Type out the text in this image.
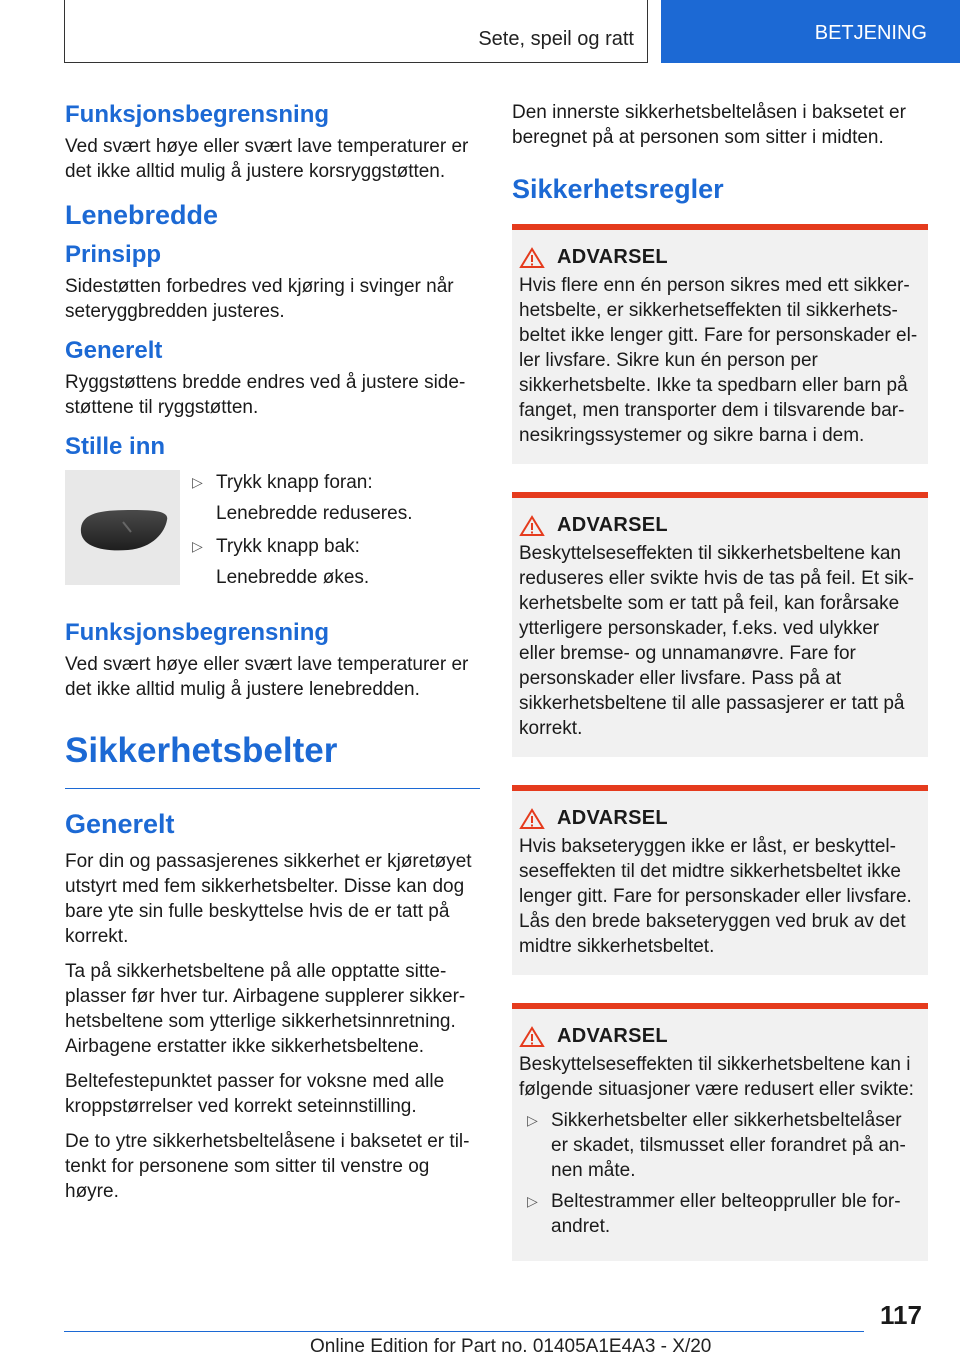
Sete, speil og ratt	BETJENING
Funksjonsbegrensning

Ved svært høye eller svært lave temperaturer er det ikke alltid mulig å justere korsryggstøtten.

Lenebredde
Prinsipp

Sidestøtten forbedres ved kjøring i svinger når seteryggbredden justeres.

Generelt

Ryggstøttens bredde endres ved å justere sidestøttene til ryggstøtten.

Stille inn
▷ Trykk knapp foran:
Lenebredde reduseres.
▷ Trykk knapp bak:
Lenebredde økes.
Funksjonsbegrensning

Ved svært høye eller svært lave temperaturer er det ikke alltid mulig å justere lenebredden.

Sikkerhetsbelter
Generelt

For din og passasjerenes sikkerhet er kjøretøyet utstyrt med fem sikkerhetsbelter. Disse kan dog bare yte sin fulle beskyttelse hvis de er tatt på korrekt.

Ta på sikkerhetsbeltene på alle opptatte sitteplasser før hver tur. Airbagene supplerer sikkerhetsbeltene som ytterlige sikkerhetsinnretning. Airbagene erstatter ikke sikkerhetsbeltene.

Beltefestepunktet passer for voksne med alle kroppstørrelser ved korrekt seteinnstilling.

De to ytre sikkerhetsbeltelåsene i baksetet er tiltenkt for personene som sitter til venstre og høyre.

Den innerste sikkerhetsbeltelåsen i baksetet er beregnet på at personen som sitter i midten.

Sikkerhetsregler
ADVARSEL

Hvis flere enn én person sikres med ett sikkerhetsbelte, er sikkerhetseffekten til sikkerhetsbeltet ikke lenger gitt. Fare for personskader eller livsfare. Sikre kun én person per sikkerhetsbelte. Ikke ta spedbarn eller barn på fanget, men transporter dem i tilsvarende barnesikringssystemer og sikre barna i dem.

ADVARSEL

Beskyttelseseffekten til sikkerhetsbeltene kan reduseres eller svikte hvis de tas på feil. Et sikkerhetsbelte som er tatt på feil, kan forårsake ytterligere personskader, f.eks. ved ulykker eller bremse- og unnamanøvre. Fare for personskader eller livsfare. Pass på at sikkerhetsbeltene til alle passasjerer er tatt på korrekt.

ADVARSEL

Hvis bakseteryggen ikke er låst, er beskyttelseseffekten til det midtre sikkerhetsbeltet ikke lenger gitt. Fare for personskader eller livsfare. Lås den brede bakseteryggen ved bruk av det midtre sikkerhetsbeltet.

ADVARSEL

Beskyttelseseffekten til sikkerhetsbeltene kan i følgende situasjoner være redusert eller svikte:

▷ Sikkerhetsbelter eller sikkerhetsbeltelåser er skadet, tilsmusset eller forandret på annen måte.
▷ Beltestrammer eller belteoppruller ble forandret.
117
Online Edition for Part no. 01405A1E4A3 - X/20
